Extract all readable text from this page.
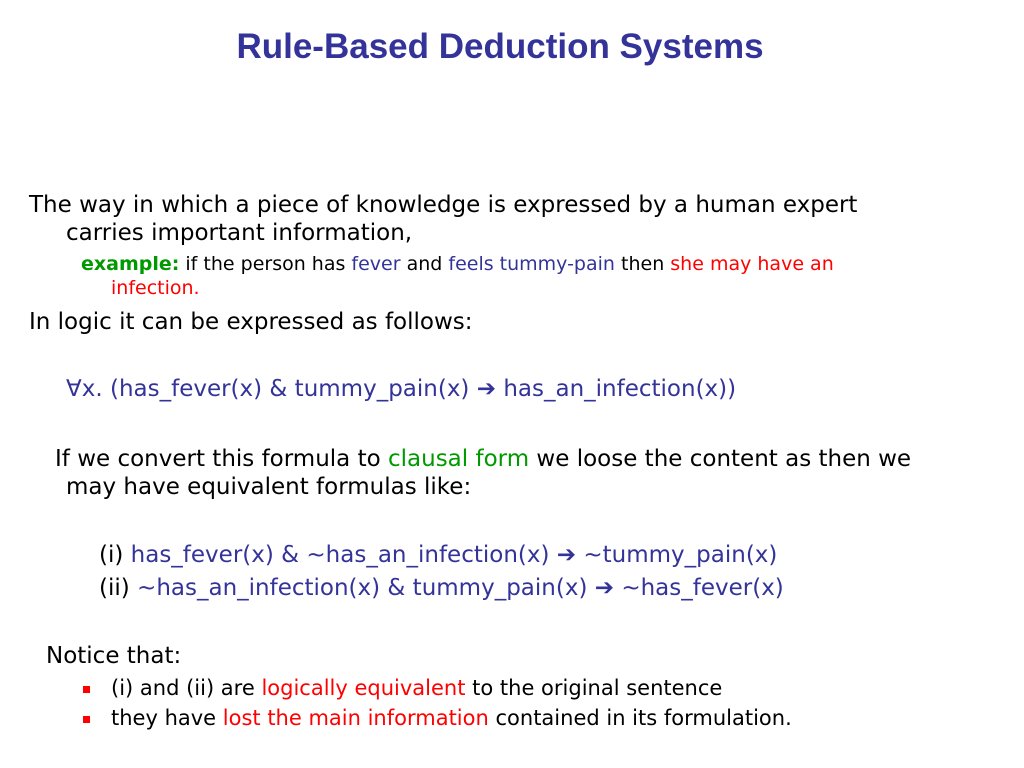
Rule-Based Deduction Systems
The way in which a piece of knowledge is expressed by a human expert
carries important information,
example: if the person has fever and feels tummy-pain then she may have an
infection.
In logic it can be expressed as follows:
∀x. (has_fever(x) & tummy_pain(x) ➔ has_an_infection(x))
If we convert this formula to clausal form we loose the content as then we
may have equivalent formulas like:
(i) has_fever(x) & ~has_an_infection(x) ➔ ~tummy_pain(x)
(ii) ~has_an_infection(x) & tummy_pain(x) ➔ ~has_fever(x)
Notice that:
(i) and (ii) are logically equivalent to the original sentence
they have lost the main information contained in its formulation.
